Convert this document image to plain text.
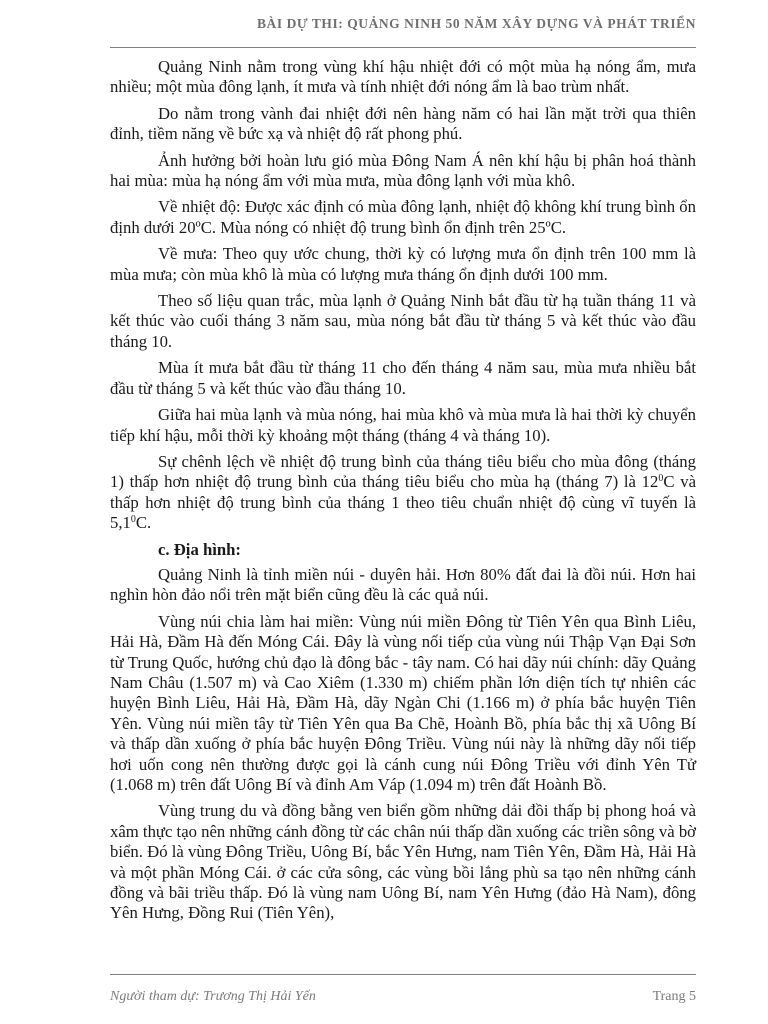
BÀI DỰ THI: QUẢNG NINH 50 NĂM XÂY DỰNG VÀ PHÁT TRIỂN

Quảng Ninh nằm trong vùng khí hậu nhiệt đới có một mùa hạ nóng ẩm, mưa nhiều; một mùa đông lạnh, ít mưa và tính nhiệt đới nóng ẩm là bao trùm nhất.

Do nằm trong vành đai nhiệt đới nên hàng năm có hai lần mặt trời qua thiên đỉnh, tiềm năng về bức xạ và nhiệt độ rất phong phú.

Ảnh hưởng bởi hoàn lưu gió mùa Đông Nam Á nên khí hậu bị phân hoá thành hai mùa: mùa hạ nóng ẩm với mùa mưa, mùa đông lạnh với mùa khô.

Về nhiệt độ: Được xác định có mùa đông lạnh, nhiệt độ không khí trung bình ổn định dưới 20ºC. Mùa nóng có nhiệt độ trung bình ổn định trên 25ºC.

Về mưa: Theo quy ước chung, thời kỳ có lượng mưa ổn định trên 100 mm là mùa mưa; còn mùa khô là mùa có lượng mưa tháng ổn định dưới 100 mm.

Theo số liệu quan trắc, mùa lạnh ở Quảng Ninh bắt đầu từ hạ tuần tháng 11 và kết thúc vào cuối tháng 3 năm sau, mùa nóng bắt đầu từ tháng 5 và kết thúc vào đầu tháng 10.

Mùa ít mưa bắt đầu từ tháng 11 cho đến tháng 4 năm sau, mùa mưa nhiều bắt đầu từ tháng 5 và kết thúc vào đầu tháng 10.

Giữa hai mùa lạnh và mùa nóng, hai mùa khô và mùa mưa là hai thời kỳ chuyển tiếp khí hậu, mỗi thời kỳ khoảng một tháng (tháng 4 và tháng 10).

Sự chênh lệch về nhiệt độ trung bình của tháng tiêu biểu cho mùa đông (tháng 1) thấp hơn nhiệt độ trung bình của tháng tiêu biểu cho mùa hạ (tháng 7) là $12^0C$ và thấp hơn nhiệt độ trung bình của tháng 1 theo tiêu chuẩn nhiệt độ cùng vĩ tuyến là $5,1^0C$.

c. Địa hình:

Quảng Ninh là tỉnh miền núi - duyên hải. Hơn 80% đất đai là đồi núi. Hơn hai nghìn hòn đảo nổi trên mặt biển cũng đều là các quả núi.

Vùng núi chia làm hai miền: Vùng núi miền Đông từ Tiên Yên qua Bình Liêu, Hải Hà, Đầm Hà đến Móng Cái. Đây là vùng nối tiếp của vùng núi Thập Vạn Đại Sơn từ Trung Quốc, hướng chủ đạo là đông bắc - tây nam. Có hai dãy núi chính: dãy Quảng Nam Châu (1.507 m) và Cao Xiêm (1.330 m) chiếm phần lớn diện tích tự nhiên các huyện Bình Liêu, Hải Hà, Đầm Hà, dãy Ngàn Chi (1.166 m) ở phía bắc huyện Tiên Yên. Vùng núi miền tây từ Tiên Yên qua Ba Chẽ, Hoành Bồ, phía bắc thị xã Uông Bí và thấp dần xuống ở phía bắc huyện Đông Triều. Vùng núi này là những dãy nối tiếp hơi uốn cong nên thường được gọi là cánh cung núi Đông Triều với đỉnh Yên Tử (1.068 m) trên đất Uông Bí và đỉnh Am Váp (1.094 m) trên đất Hoành Bồ.

Vùng trung du và đồng bằng ven biển gồm những dải đồi thấp bị phong hoá và xâm thực tạo nên những cánh đồng từ các chân núi thấp dần xuống các triền sông và bờ biển. Đó là vùng Đông Triều, Uông Bí, bắc Yên Hưng, nam Tiên Yên, Đầm Hà, Hải Hà và một phần Móng Cái. ở các cửa sông, các vùng bồi lắng phù sa tạo nên những cánh đồng và bãi triều thấp. Đó là vùng nam Uông Bí, nam Yên Hưng (đảo Hà Nam), đông Yên Hưng, Đồng Rui (Tiên Yên),

Người tham dự: Trương Thị Hải Yến	Trang 5
